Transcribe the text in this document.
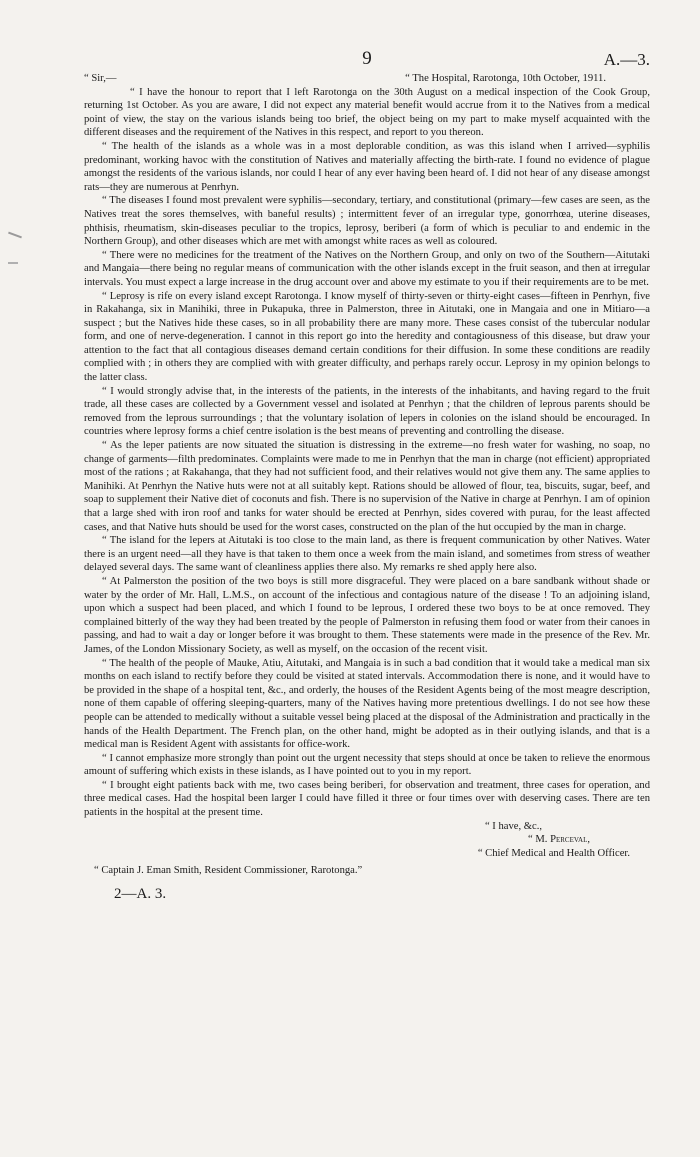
9	A.—3.
“ Sir,—	“ The Hospital, Rarotonga, 10th October, 1911.

“ I have the honour to report that I left Rarotonga on the 30th August on a medical inspection of the Cook Group, returning 1st October. As you are aware, I did not expect any material benefit would accrue from it to the Natives from a medical point of view, the stay on the various islands being too brief, the object being on my part to make myself acquainted with the different diseases and the requirement of the Natives in this respect, and report to you thereon.

“ The health of the islands as a whole was in a most deplorable condition, as was this island when I arrived—syphilis predominant, working havoc with the constitution of Natives and materially affecting the birth-rate. I found no evidence of plague amongst the residents of the various islands, nor could I hear of any ever having been heard of. I did not hear of any disease amongst rats—they are numerous at Penrhyn.

“ The diseases I found most prevalent were syphilis—secondary, tertiary, and constitutional (primary—few cases are seen, as the Natives treat the sores themselves, with baneful results) ; intermittent fever of an irregular type, gonorrhœa, uterine diseases, phthisis, rheumatism, skin-diseases peculiar to the tropics, leprosy, beriberi (a form of which is peculiar to and endemic in the Northern Group), and other diseases which are met with amongst white races as well as coloured.

“ There were no medicines for the treatment of the Natives on the Northern Group, and only on two of the Southern—Aitutaki and Mangaia—there being no regular means of communication with the other islands except in the fruit season, and then at irregular intervals. You must expect a large increase in the drug account over and above my estimate to you if their requirements are to be met.

“ Leprosy is rife on every island except Rarotonga. I know myself of thirty-seven or thirty-eight cases—fifteen in Penrhyn, five in Rakahanga, six in Manihiki, three in Pukapuka, three in Palmerston, three in Aitutaki, one in Mangaia and one in Mitiaro—a suspect ; but the Natives hide these cases, so in all probability there are many more. These cases consist of the tubercular nodular form, and one of nerve-degeneration. I cannot in this report go into the heredity and contagiousness of this disease, but draw your attention to the fact that all contagious diseases demand certain conditions for their diffusion. In some these conditions are readily complied with ; in others they are complied with with greater difficulty, and perhaps rarely occur. Leprosy in my opinion belongs to the latter class.

“ I would strongly advise that, in the interests of the patients, in the interests of the inhabitants, and having regard to the fruit trade, all these cases are collected by a Government vessel and isolated at Penrhyn ; that the children of leprous parents should be removed from the leprous surroundings ; that the voluntary isolation of lepers in colonies on the island should be encouraged. In countries where leprosy forms a chief centre isolation is the best means of preventing and controlling the disease.

“ As the leper patients are now situated the situation is distressing in the extreme—no fresh water for washing, no soap, no change of garments—filth predominates. Complaints were made to me in Penrhyn that the man in charge (not efficient) appropriated most of the rations ; at Rakahanga, that they had not sufficient food, and their relatives would not give them any. The same applies to Manihiki. At Penrhyn the Native huts were not at all suitably kept. Rations should be allowed of flour, tea, biscuits, sugar, beef, and soap to supplement their Native diet of coconuts and fish. There is no supervision of the Native in charge at Penrhyn. I am of opinion that a large shed with iron roof and tanks for water should be erected at Penrhyn, sides covered with purau, for the least affected cases, and that Native huts should be used for the worst cases, constructed on the plan of the hut occupied by the man in charge.

“ The island for the lepers at Aitutaki is too close to the main land, as there is frequent communication by other Natives. Water there is an urgent need—all they have is that taken to them once a week from the main island, and sometimes from stress of weather delayed several days. The same want of cleanliness applies there also. My remarks re shed apply here also.

“ At Palmerston the position of the two boys is still more disgraceful. They were placed on a bare sandbank without shade or water by the order of Mr. Hall, L.M.S., on account of the infectious and contagious nature of the disease ! To an adjoining island, upon which a suspect had been placed, and which I found to be leprous, I ordered these two boys to be at once removed. They complained bitterly of the way they had been treated by the people of Palmerston in refusing them food or water from their canoes in passing, and had to wait a day or longer before it was brought to them. These statements were made in the presence of the Rev. Mr. James, of the London Missionary Society, as well as myself, on the occasion of the recent visit.

“ The health of the people of Mauke, Atiu, Aitutaki, and Mangaia is in such a bad condition that it would take a medical man six months on each island to rectify before they could be visited at stated intervals. Accommodation there is none, and it would have to be provided in the shape of a hospital tent, &c., and orderly, the houses of the Resident Agents being of the most meagre description, none of them capable of offering sleeping-quarters, many of the Natives having more pretentious dwellings. I do not see how these people can be attended to medically without a suitable vessel being placed at the disposal of the Administration and practically in the hands of the Health Department. The French plan, on the other hand, might be adopted as in their outlying islands, and that is a medical man is Resident Agent with assistants for office-work.

“ I cannot emphasize more strongly than point out the urgent necessity that steps should at once be taken to relieve the enormous amount of suffering which exists in these islands, as I have pointed out to you in my report.

“ I brought eight patients back with me, two cases being beriberi, for observation and treatment, three cases for operation, and three medical cases. Had the hospital been larger I could have filled it three or four times over with deserving cases. There are ten patients in the hospital at the present time.

“ I have, &c.,

“ M. Perceval,

“ Chief Medical and Health Officer.

“ Captain J. Eman Smith, Resident Commissioner, Rarotonga.”

2—A. 3.
